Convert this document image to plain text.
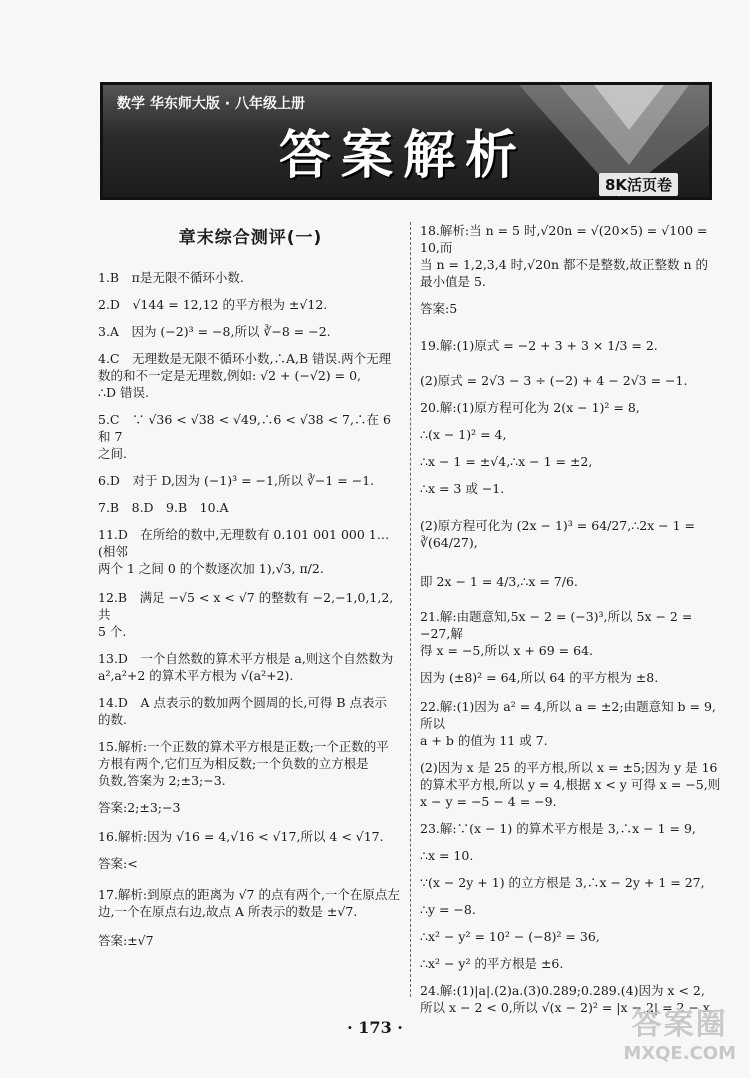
数学 华东师大版 · 八年级上册
答案解析	8K活页卷
章末综合测评(一)
1.B　π是无限不循环小数.
2.D　√144 = 12,12 的平方根为 ±√12.
3.A　因为 (−2)³ = −8,所以 ∛−8 = −2.
4.C　无理数是无限不循环小数,∴A,B 错误.两个无理
数的和不一定是无理数,例如: √2 + (−√2) = 0,
∴D 错误.
5.C　∵ √36 < √38 < √49,∴6 < √38 < 7,∴在 6 和 7
之间.
6.D　对于 D,因为 (−1)³ = −1,所以 ∛−1 = −1.
7.B　8.D　9.B　10.A
11.D　在所给的数中,无理数有 0.101 001 000 1…(相邻
两个 1 之间 0 的个数逐次加 1),√3, π/2.
12.B　满足 −√5 < x < √7 的整数有 −2,−1,0,1,2,共
5 个.
13.D　一个自然数的算术平方根是 a,则这个自然数为
a²,a²+2 的算术平方根为 √(a²+2).
14.D　A 点表示的数加两个圆周的长,可得 B 点表示
的数.
15.解析:一个正数的算术平方根是正数;一个正数的平
方根有两个,它们互为相反数;一个负数的立方根是
负数,答案为 2;±3;−3.
答案:2;±3;−3
16.解析:因为 √16 = 4,√16 < √17,所以 4 < √17.
答案:<
17.解析:到原点的距离为 √7 的点有两个,一个在原点左
边,一个在原点右边,故点 A 所表示的数是 ±√7.
答案:±√7
18.解析:当 n = 5 时,√20n = √(20×5) = √100 = 10,而
当 n = 1,2,3,4 时,√20n 都不是整数,故正整数 n 的
最小值是 5.
答案:5
19.解:(1)原式 = −2 + 3 + 3 × 1/3 = 2.
(2)原式 = 2√3 − 3 ÷ (−2) + 4 − 2√3 = −1.
20.解:(1)原方程可化为 2(x − 1)² = 8,
∴(x − 1)² = 4,
∴x − 1 = ±√4,∴x − 1 = ±2,
∴x = 3 或 −1.
(2)原方程可化为 (2x − 1)³ = 64/27,∴2x − 1 = ∛(64/27),
即 2x − 1 = 4/3,∴x = 7/6.
21.解:由题意知,5x − 2 = (−3)³,所以 5x − 2 = −27,解
得 x = −5,所以 x + 69 = 64.
因为 (±8)² = 64,所以 64 的平方根为 ±8.
22.解:(1)因为 a² = 4,所以 a = ±2;由题意知 b = 9,所以
a + b 的值为 11 或 7.
(2)因为 x 是 25 的平方根,所以 x = ±5;因为 y 是 16
的算术平方根,所以 y = 4,根据 x < y 可得 x = −5,则
x − y = −5 − 4 = −9.
23.解:∵(x − 1) 的算术平方根是 3,∴x − 1 = 9,
∴x = 10.
∵(x − 2y + 1) 的立方根是 3,∴x − 2y + 1 = 27,
∴y = −8.
∴x² − y² = 10² − (−8)² = 36,
∴x² − y² 的平方根是 ±6.
24.解:(1)|a|.(2)a.(3)0.289;0.289.(4)因为 x < 2,
所以 x − 2 < 0,所以 √(x − 2)² = |x − 2| = 2 − x.
· 173 ·	答案圈
MXQE.COM
